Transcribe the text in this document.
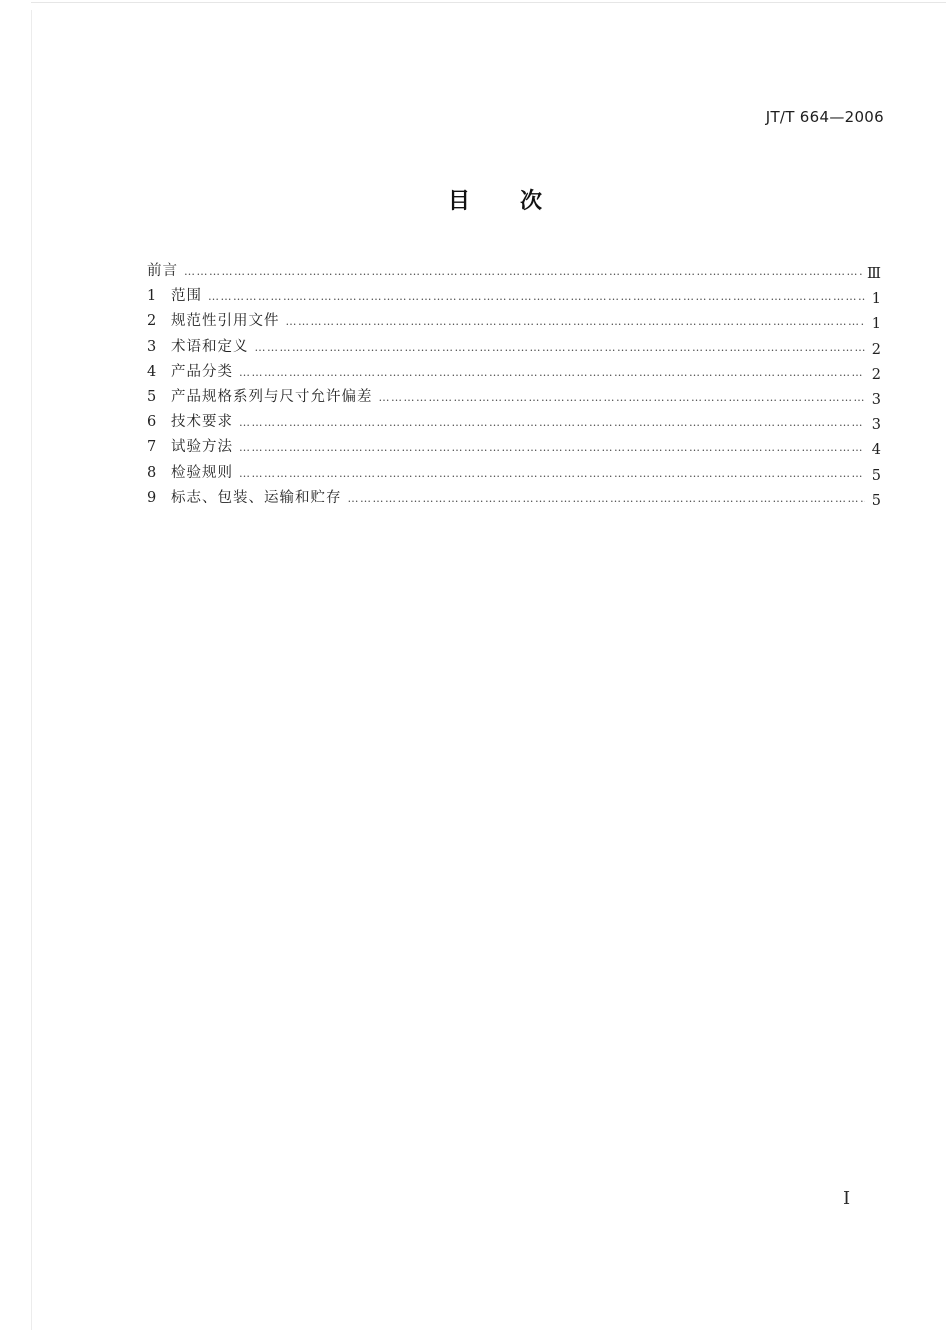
JT/T 664—2006
目次
前言 …………………………………………………………………………………………………………………………………………………………………………………………………………………………	Ⅲ
1	范围 …………………………………………………………………………………………………………………………………………………………………………………………………………………………	1
2	规范性引用文件 …………………………………………………………………………………………………………………………………………………………………………………………………………………………	1
3	术语和定义 …………………………………………………………………………………………………………………………………………………………………………………………………………………………	2
4	产品分类 …………………………………………………………………………………………………………………………………………………………………………………………………………………………	2
5	产品规格系列与尺寸允许偏差 …………………………………………………………………………………………………………………………………………………………………………………………………………………………	3
6	技术要求 …………………………………………………………………………………………………………………………………………………………………………………………………………………………	3
7	试验方法 …………………………………………………………………………………………………………………………………………………………………………………………………………………………	4
8	检验规则 …………………………………………………………………………………………………………………………………………………………………………………………………………………………	5
9	标志、包装、运输和贮存 …………………………………………………………………………………………………………………………………………………………………………………………………………………………	5
Ⅰ
